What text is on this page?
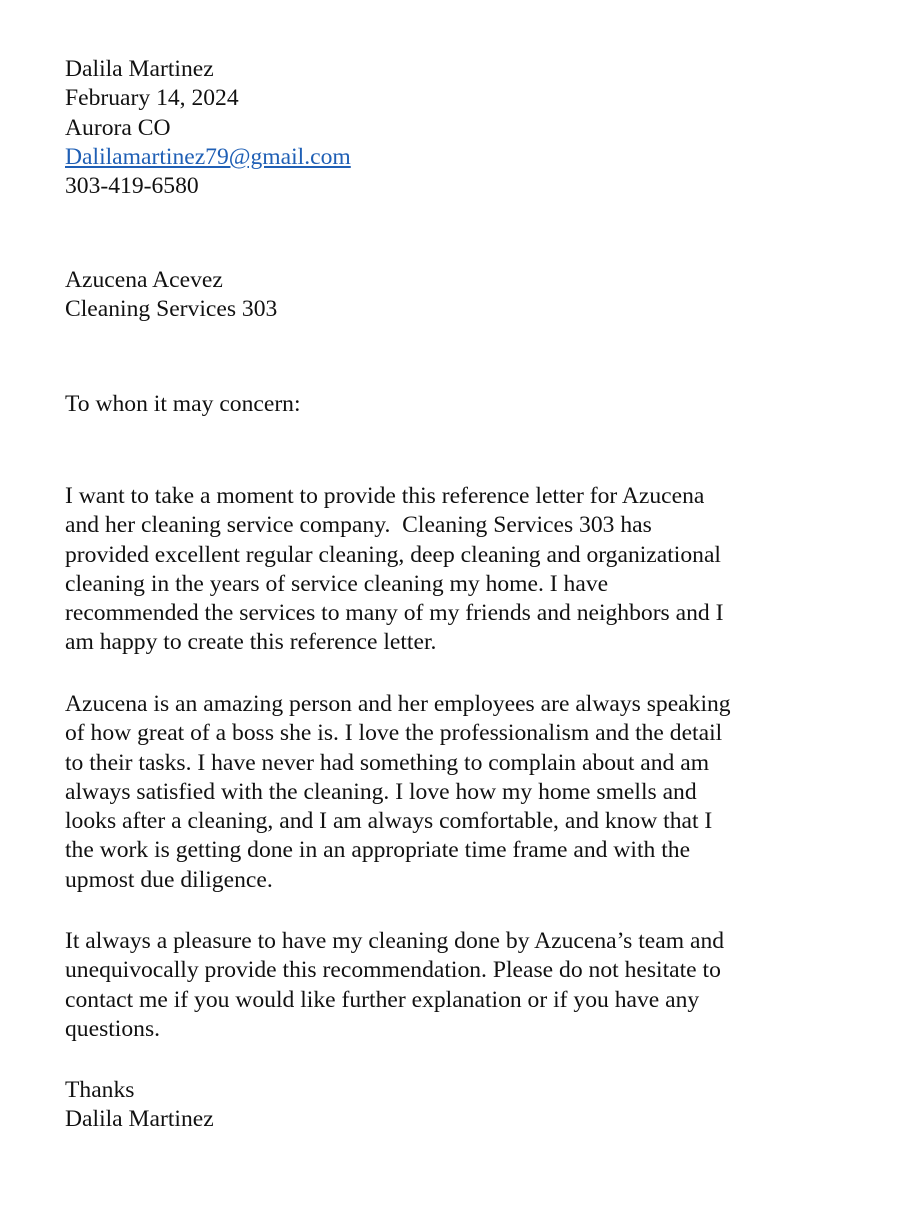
Dalila Martinez
February 14, 2024
Aurora CO
Dalilamartinez79@gmail.com
303-419-6580
Azucena Acevez
Cleaning Services 303
To whon it may concern:
I want to take a moment to provide this reference letter for Azucena
and her cleaning service company.  Cleaning Services 303 has
provided excellent regular cleaning, deep cleaning and organizational
cleaning in the years of service cleaning my home. I have
recommended the services to many of my friends and neighbors and I
am happy to create this reference letter.
Azucena is an amazing person and her employees are always speaking
of how great of a boss she is. I love the professionalism and the detail
to their tasks. I have never had something to complain about and am
always satisfied with the cleaning. I love how my home smells and
looks after a cleaning, and I am always comfortable, and know that I
the work is getting done in an appropriate time frame and with the
upmost due diligence.
It always a pleasure to have my cleaning done by Azucena’s team and
unequivocally provide this recommendation. Please do not hesitate to
contact me if you would like further explanation or if you have any
questions.
Thanks
Dalila Martinez
